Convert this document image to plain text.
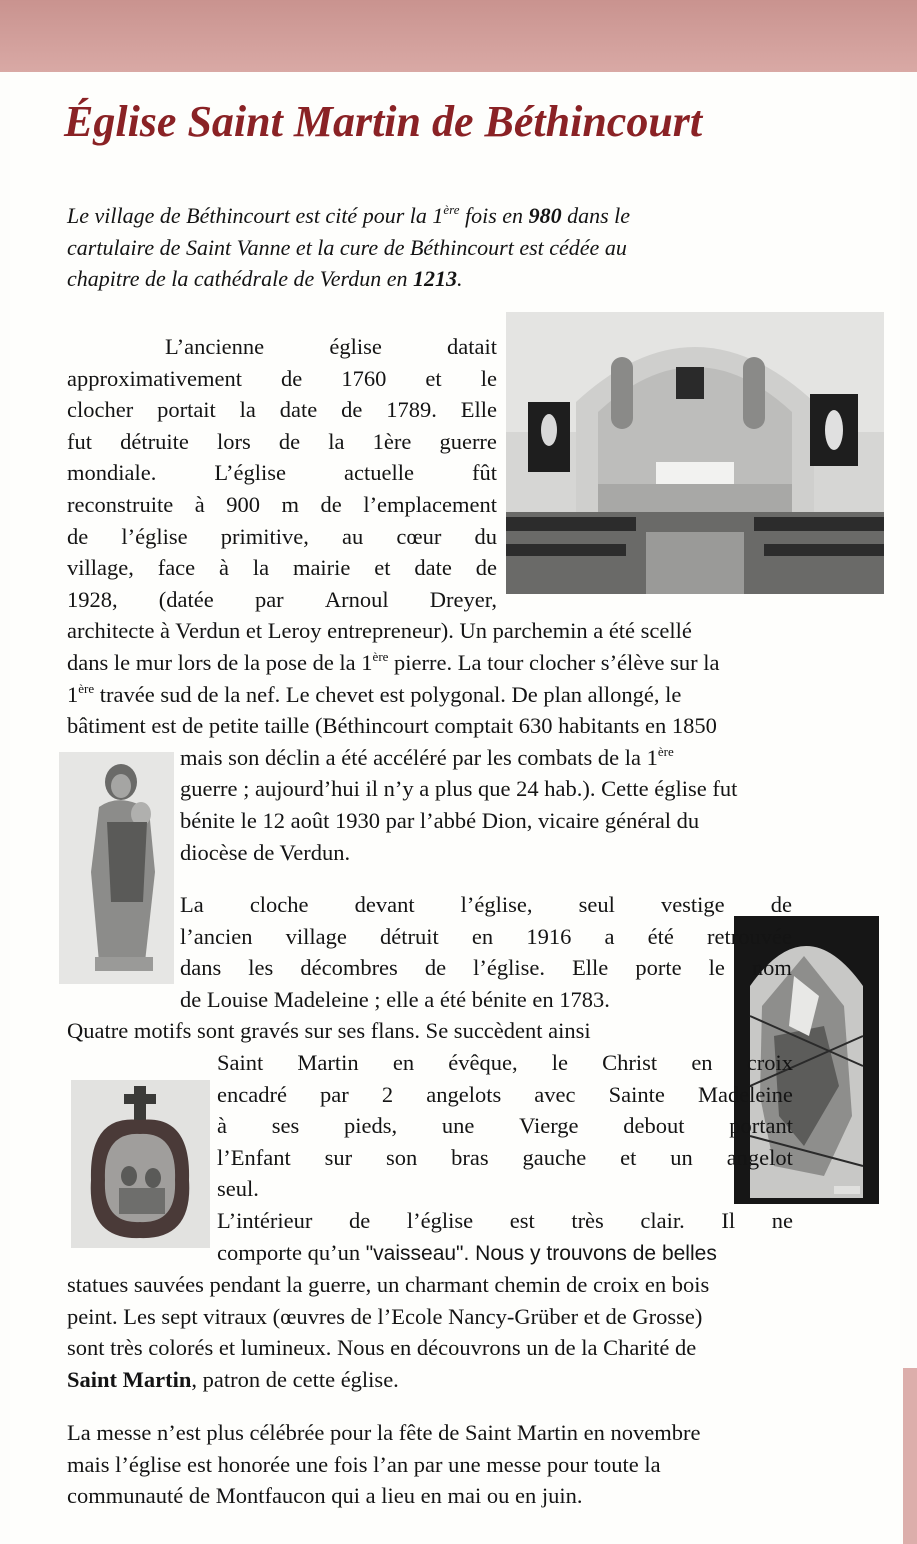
Église Saint Martin de Béthincourt
Le village de Béthincourt est cité pour la 1ère fois en 980 dans le
cartulaire de Saint Vanne et la cure de Béthincourt est cédée au
chapitre de la cathédrale de Verdun en 1213.
L’ancienne	église	datait
approximativement de 1760 et le
clocher portait la date de 1789. Elle
fut détruite lors de la 1ère guerre
mondiale.	L’église	actuelle	fût
reconstruite à 900 m de l’emplacement
de l’église primitive, au cœur du
village, face à la mairie et date de
1928, (datée par Arnoul Dreyer,
architecte à Verdun et Leroy entrepreneur). Un parchemin a été scellé
dans le mur lors de la pose de la 1ère pierre. La tour clocher s’élève sur la
1ère travée sud de la nef. Le chevet est polygonal. De plan allongé, le
bâtiment est de petite taille (Béthincourt comptait 630 habitants en 1850
mais son déclin a été accéléré par les combats de la 1ère
guerre ; aujourd’hui il n’y a plus que 24 hab.). Cette église fut
bénite le 12 août 1930 par l’abbé Dion, vicaire général du
diocèse de Verdun.
La cloche devant l’église, seul vestige de
l’ancien village détruit en 1916 a été retrouvée
dans les décombres de l’église. Elle porte le nom
de Louise Madeleine ; elle a été bénite en 1783.
Quatre motifs sont gravés sur ses flans. Se succèdent ainsi
Saint Martin en évêque, le Christ en croix
encadré par 2 angelots avec Sainte Madeleine
à ses pieds, une Vierge debout portant
l’Enfant sur son bras gauche et un angelot
seul.
L’intérieur de l’église est très clair. Il ne
comporte qu’un "vaisseau". Nous y trouvons de belles
statues sauvées pendant la guerre, un charmant chemin de croix en bois
peint. Les sept vitraux (œuvres de l’Ecole Nancy-Grüber et de Grosse)
sont très colorés et lumineux. Nous en découvrons un de la Charité de
Saint Martin, patron de cette église.
La messe n’est plus célébrée pour la fête de Saint Martin en novembre
mais l’église est honorée une fois l’an par une messe pour toute la
communauté de Montfaucon qui a lieu en mai ou en juin.
